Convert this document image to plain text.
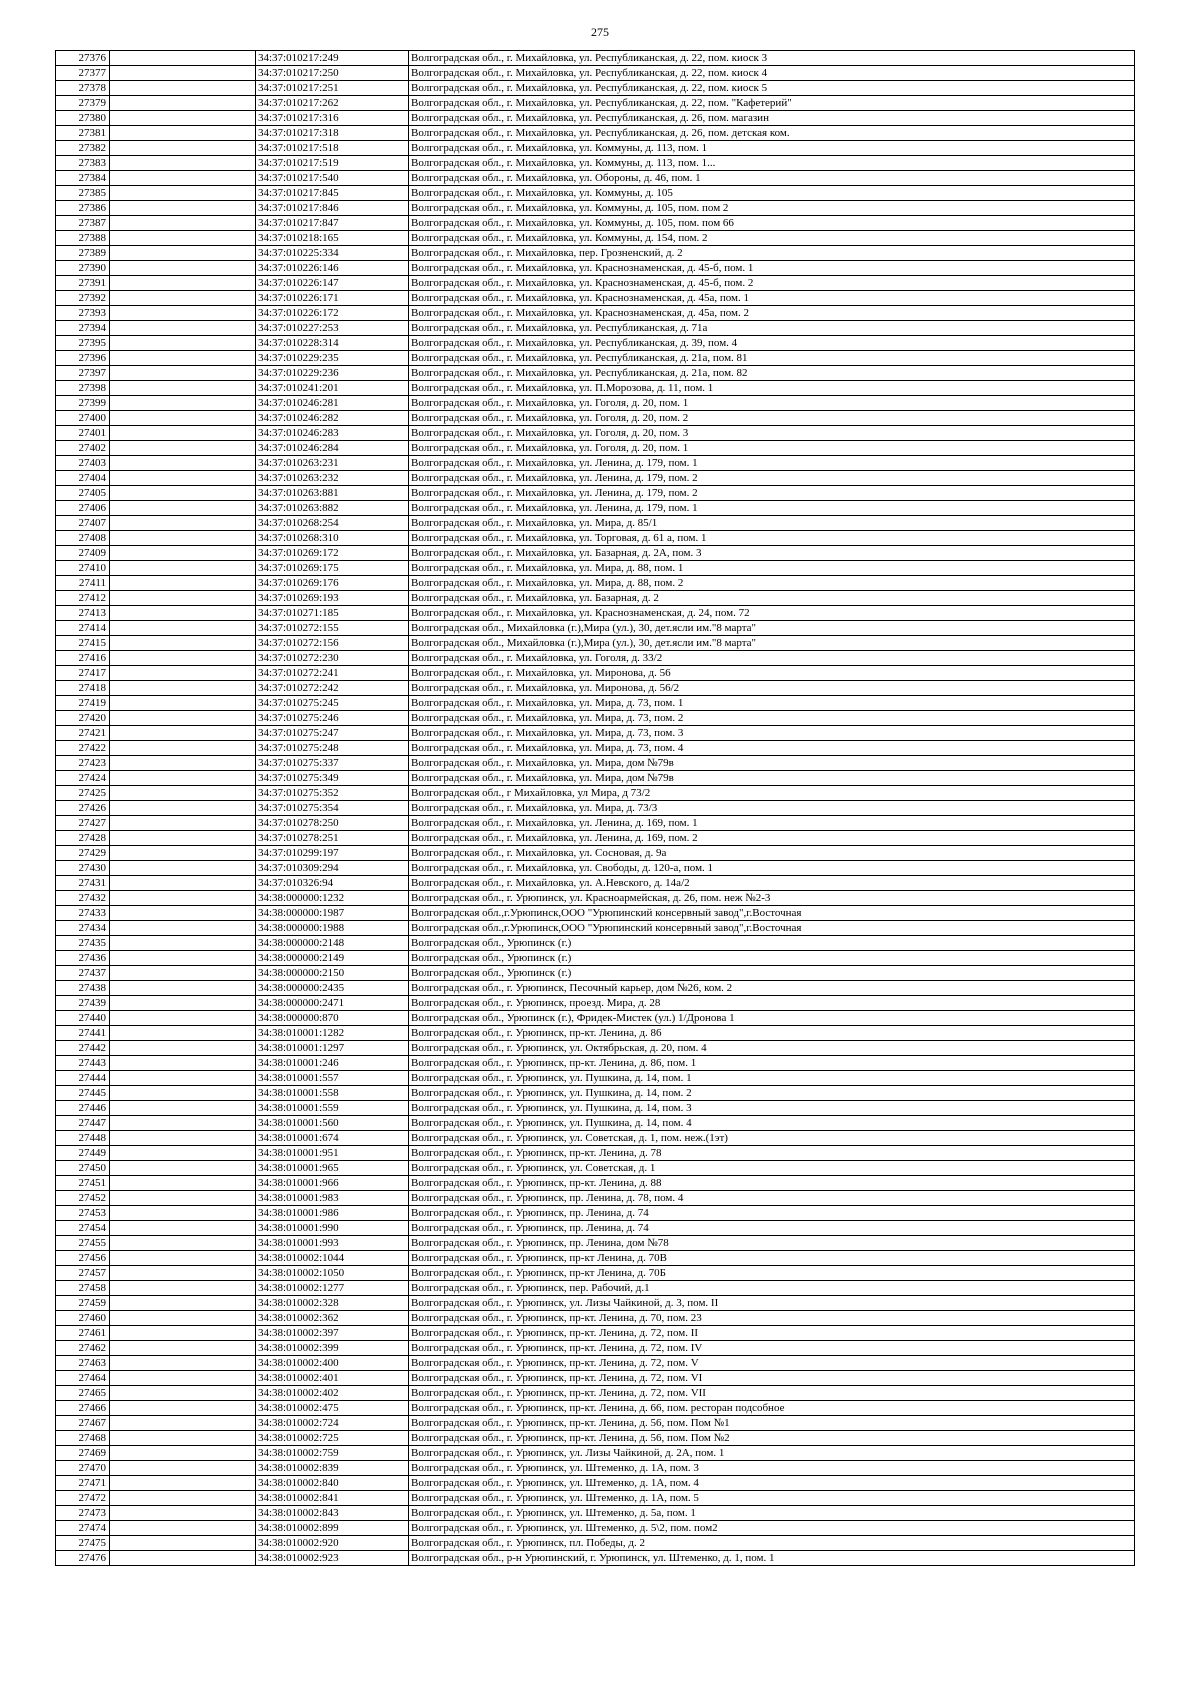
275
27376		34:37:010217:249	Волгоградская обл., г. Михайловка, ул. Республиканская, д. 22, пом. киоск 3
27377		34:37:010217:250	Волгоградская обл., г. Михайловка, ул. Республиканская, д. 22, пом. киоск 4
27378		34:37:010217:251	Волгоградская обл., г. Михайловка, ул. Республиканская, д. 22, пом. киоск 5
27379		34:37:010217:262	Волгоградская обл., г. Михайловка, ул. Республиканская, д. 22, пом. "Кафетерий"
27380		34:37:010217:316	Волгоградская обл., г. Михайловка, ул. Республиканская, д. 26, пом. магазин
27381		34:37:010217:318	Волгоградская обл., г. Михайловка, ул. Республиканская, д. 26, пом. детская ком.
27382		34:37:010217:518	Волгоградская обл., г. Михайловка, ул. Коммуны, д. 113, пом. 1
27383		34:37:010217:519	Волгоградская обл., г. Михайловка, ул. Коммуны, д. 113, пом. 1...
27384		34:37:010217:540	Волгоградская обл., г. Михайловка, ул. Обороны, д. 46, пом. 1
27385		34:37:010217:845	Волгоградская обл., г. Михайловка, ул. Коммуны, д. 105
27386		34:37:010217:846	Волгоградская обл., г. Михайловка, ул. Коммуны, д. 105, пом. пом 2
27387		34:37:010217:847	Волгоградская обл., г. Михайловка, ул. Коммуны, д. 105, пом. пом 66
27388		34:37:010218:165	Волгоградская обл., г. Михайловка, ул. Коммуны, д. 154, пом. 2
27389		34:37:010225:334	Волгоградская обл., г. Михайловка, пер. Грозненский, д. 2
27390		34:37:010226:146	Волгоградская обл., г. Михайловка, ул. Краснознаменская, д. 45-б, пом. 1
27391		34:37:010226:147	Волгоградская обл., г. Михайловка, ул. Краснознаменская, д. 45-б, пом. 2
27392		34:37:010226:171	Волгоградская обл., г. Михайловка, ул. Краснознаменская, д. 45а, пом. 1
27393		34:37:010226:172	Волгоградская обл., г. Михайловка, ул. Краснознаменская, д. 45а, пом. 2
27394		34:37:010227:253	Волгоградская обл., г. Михайловка, ул. Республиканская, д. 71а
27395		34:37:010228:314	Волгоградская обл., г. Михайловка, ул. Республиканская, д. 39, пом. 4
27396		34:37:010229:235	Волгоградская обл., г. Михайловка, ул. Республиканская, д. 21а, пом. 81
27397		34:37:010229:236	Волгоградская обл., г. Михайловка, ул. Республиканская, д. 21а, пом. 82
27398		34:37:010241:201	Волгоградская обл., г. Михайловка, ул. П.Морозова, д. 11, пом. 1
27399		34:37:010246:281	Волгоградская обл., г. Михайловка, ул. Гоголя, д. 20, пом. 1
27400		34:37:010246:282	Волгоградская обл., г. Михайловка, ул. Гоголя, д. 20, пом. 2
27401		34:37:010246:283	Волгоградская обл., г. Михайловка, ул. Гоголя, д. 20, пом. 3
27402		34:37:010246:284	Волгоградская обл., г. Михайловка, ул. Гоголя, д. 20, пом. 1
27403		34:37:010263:231	Волгоградская обл., г. Михайловка, ул. Ленина, д. 179, пом. 1
27404		34:37:010263:232	Волгоградская обл., г. Михайловка, ул. Ленина, д. 179, пом. 2
27405		34:37:010263:881	Волгоградская обл., г. Михайловка, ул. Ленина, д. 179, пом. 2
27406		34:37:010263:882	Волгоградская обл., г. Михайловка, ул. Ленина, д. 179, пом. 1
27407		34:37:010268:254	Волгоградская обл., г. Михайловка, ул. Мира, д. 85/1
27408		34:37:010268:310	Волгоградская обл., г. Михайловка, ул. Торговая, д. 61 а, пом. 1
27409		34:37:010269:172	Волгоградская обл., г. Михайловка, ул. Базарная, д. 2А, пом. 3
27410		34:37:010269:175	Волгоградская обл., г. Михайловка, ул. Мира, д. 88, пом. 1
27411		34:37:010269:176	Волгоградская обл., г. Михайловка, ул. Мира, д. 88, пом. 2
27412		34:37:010269:193	Волгоградская обл., г. Михайловка, ул. Базарная, д. 2
27413		34:37:010271:185	Волгоградская обл., г. Михайловка, ул. Краснознаменская, д. 24, пом. 72
27414		34:37:010272:155	Волгоградская обл., Михайловка (г.),Мира (ул.), 30, дет.ясли им."8 марта"
27415		34:37:010272:156	Волгоградская обл., Михайловка (г.),Мира (ул.), 30, дет.ясли им."8 марта"
27416		34:37:010272:230	Волгоградская обл., г. Михайловка, ул. Гоголя, д. 33/2
27417		34:37:010272:241	Волгоградская обл., г. Михайловка, ул. Миронова, д. 56
27418		34:37:010272:242	Волгоградская обл., г. Михайловка, ул. Миронова, д. 56/2
27419		34:37:010275:245	Волгоградская обл., г. Михайловка, ул. Мира, д. 73, пом. 1
27420		34:37:010275:246	Волгоградская обл., г. Михайловка, ул. Мира, д. 73, пом. 2
27421		34:37:010275:247	Волгоградская обл., г. Михайловка, ул. Мира, д. 73, пом. 3
27422		34:37:010275:248	Волгоградская обл., г. Михайловка, ул. Мира, д. 73, пом. 4
27423		34:37:010275:337	Волгоградская обл., г. Михайловка, ул. Мира, дом №79в
27424		34:37:010275:349	Волгоградская обл., г. Михайловка, ул. Мира, дом №79в
27425		34:37:010275:352	Волгоградская обл., г Михайловка, ул Мира, д 73/2
27426		34:37:010275:354	Волгоградская обл., г. Михайловка, ул. Мира, д. 73/3
27427		34:37:010278:250	Волгоградская обл., г. Михайловка, ул. Ленина, д. 169, пом. 1
27428		34:37:010278:251	Волгоградская обл., г. Михайловка, ул. Ленина, д. 169, пом. 2
27429		34:37:010299:197	Волгоградская обл., г. Михайловка, ул. Сосновая, д. 9а
27430		34:37:010309:294	Волгоградская обл., г. Михайловка, ул. Свободы, д. 120-а, пом. 1
27431		34:37:010326:94	Волгоградская обл., г. Михайловка, ул. А.Невского, д. 14а/2
27432		34:38:000000:1232	Волгоградская обл., г. Урюпинск, ул. Красноармейская, д. 26, пом. неж №2-3
27433		34:38:000000:1987	Волгоградская обл.,г.Урюпинск,ООО "Урюпинский консервный завод",г.Восточная
27434		34:38:000000:1988	Волгоградская обл.,г.Урюпинск,ООО "Урюпинский консервный завод",г.Восточная
27435		34:38:000000:2148	Волгоградская обл., Урюпинск (г.)
27436		34:38:000000:2149	Волгоградская обл., Урюпинск (г.)
27437		34:38:000000:2150	Волгоградская обл., Урюпинск (г.)
27438		34:38:000000:2435	Волгоградская обл., г. Урюпинск, Песочный карьер, дом №26, ком. 2
27439		34:38:000000:2471	Волгоградская обл., г. Урюпинск, проезд. Мира, д. 28
27440		34:38:000000:870	Волгоградская обл., Урюпинск (г.), Фридек-Мистек (ул.) 1/Дронова 1
27441		34:38:010001:1282	Волгоградская обл., г. Урюпинск, пр-кт. Ленина, д. 86
27442		34:38:010001:1297	Волгоградская обл., г. Урюпинск, ул. Октябрьская, д. 20, пом. 4
27443		34:38:010001:246	Волгоградская обл., г. Урюпинск, пр-кт. Ленина, д. 86, пом. 1
27444		34:38:010001:557	Волгоградская обл., г. Урюпинск, ул. Пушкина, д. 14, пом. 1
27445		34:38:010001:558	Волгоградская обл., г. Урюпинск, ул. Пушкина, д. 14, пом. 2
27446		34:38:010001:559	Волгоградская обл., г. Урюпинск, ул. Пушкина, д. 14, пом. 3
27447		34:38:010001:560	Волгоградская обл., г. Урюпинск, ул. Пушкина, д. 14, пом. 4
27448		34:38:010001:674	Волгоградская обл., г. Урюпинск, ул. Советская, д. 1, пом. неж.(1эт)
27449		34:38:010001:951	Волгоградская обл., г. Урюпинск, пр-кт. Ленина, д. 78
27450		34:38:010001:965	Волгоградская обл., г. Урюпинск, ул. Советская, д. 1
27451		34:38:010001:966	Волгоградская обл., г. Урюпинск, пр-кт. Ленина, д. 88
27452		34:38:010001:983	Волгоградская обл., г. Урюпинск, пр. Ленина, д. 78, пом. 4
27453		34:38:010001:986	Волгоградская обл., г. Урюпинск, пр. Ленина, д. 74
27454		34:38:010001:990	Волгоградская обл., г. Урюпинск, пр. Ленина, д. 74
27455		34:38:010001:993	Волгоградская обл., г. Урюпинск, пр. Ленина, дом №78
27456		34:38:010002:1044	Волгоградская обл., г. Урюпинск, пр-кт Ленина, д. 70В
27457		34:38:010002:1050	Волгоградская обл., г. Урюпинск, пр-кт Ленина, д. 70Б
27458		34:38:010002:1277	Волгоградская обл., г. Урюпинск, пер. Рабочий, д.1
27459		34:38:010002:328	Волгоградская обл., г. Урюпинск, ул. Лизы Чайкиной, д. 3, пом. II
27460		34:38:010002:362	Волгоградская обл., г. Урюпинск, пр-кт. Ленина, д. 70, пом. 23
27461		34:38:010002:397	Волгоградская обл., г. Урюпинск, пр-кт. Ленина, д. 72, пом. II
27462		34:38:010002:399	Волгоградская обл., г. Урюпинск, пр-кт. Ленина, д. 72, пом. IV
27463		34:38:010002:400	Волгоградская обл., г. Урюпинск, пр-кт. Ленина, д. 72, пом. V
27464		34:38:010002:401	Волгоградская обл., г. Урюпинск, пр-кт. Ленина, д. 72, пом. VI
27465		34:38:010002:402	Волгоградская обл., г. Урюпинск, пр-кт. Ленина, д. 72, пом. VII
27466		34:38:010002:475	Волгоградская обл., г. Урюпинск, пр-кт. Ленина, д. 66, пом. ресторан подсобное
27467		34:38:010002:724	Волгоградская обл., г. Урюпинск, пр-кт. Ленина, д. 56, пом. Пом №1
27468		34:38:010002:725	Волгоградская обл., г. Урюпинск, пр-кт. Ленина, д. 56, пом. Пом №2
27469		34:38:010002:759	Волгоградская обл., г. Урюпинск, ул. Лизы Чайкиной, д. 2А, пом. 1
27470		34:38:010002:839	Волгоградская обл., г. Урюпинск, ул. Штеменко, д. 1А, пом. 3
27471		34:38:010002:840	Волгоградская обл., г. Урюпинск, ул. Штеменко, д. 1А, пом. 4
27472		34:38:010002:841	Волгоградская обл., г. Урюпинск, ул. Штеменко, д. 1А, пом. 5
27473		34:38:010002:843	Волгоградская обл., г. Урюпинск, ул. Штеменко, д. 5а, пом. 1
27474		34:38:010002:899	Волгоградская обл., г. Урюпинск, ул. Штеменко, д. 5\2, пом. пом2
27475		34:38:010002:920	Волгоградская обл., г. Урюпинск, пл. Победы, д. 2
27476		34:38:010002:923	Волгоградская обл., р-н Урюпинский, г. Урюпинск, ул. Штеменко, д. 1, пом. 1
